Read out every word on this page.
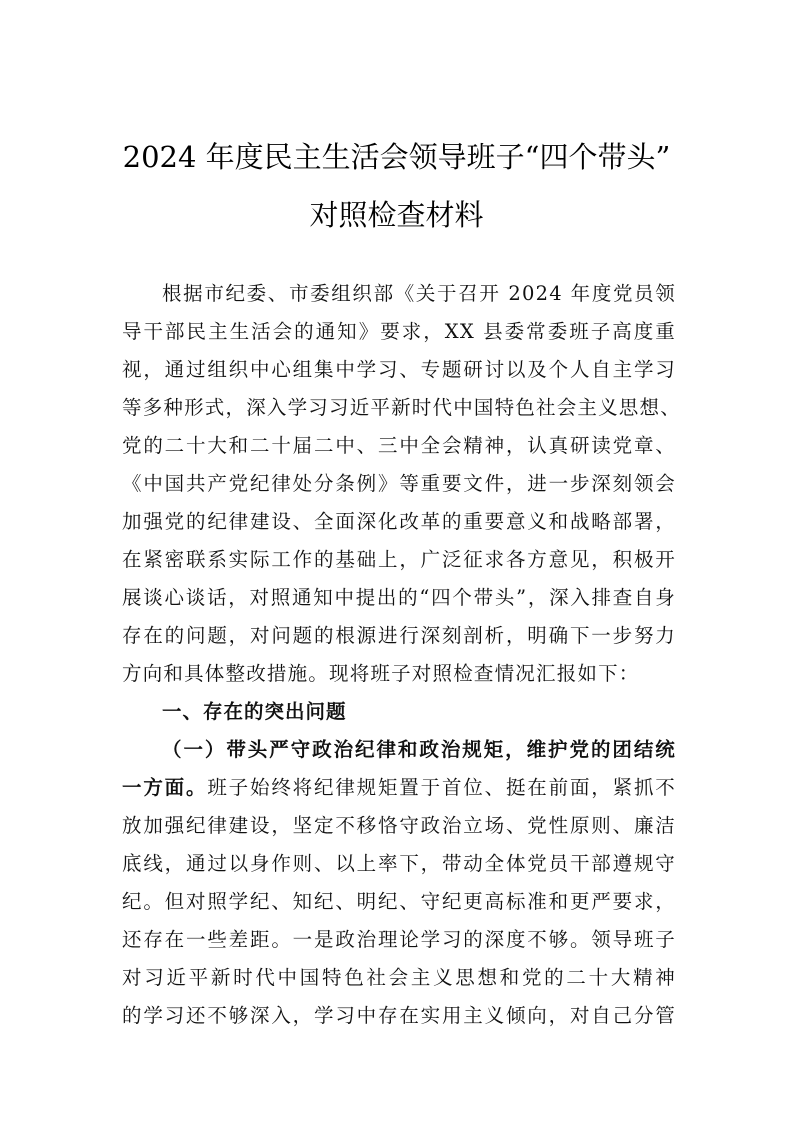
2024 年度民主生活会领导班子“四个带头”
对照检查材料
根据市纪委、市委组织部《关于召开 2024 年度党员领
导干部民主生活会的通知》要求，XX 县委常委班子高度重
视，通过组织中心组集中学习、专题研讨以及个人自主学习
等多种形式，深入学习习近平新时代中国特色社会主义思想、
党的二十大和二十届二中、三中全会精神，认真研读党章、
《中国共产党纪律处分条例》等重要文件，进一步深刻领会
加强党的纪律建设、全面深化改革的重要意义和战略部署，
在紧密联系实际工作的基础上，广泛征求各方意见，积极开
展谈心谈话，对照通知中提出的“四个带头”，深入排查自身
存在的问题，对问题的根源进行深刻剖析，明确下一步努力
方向和具体整改措施。现将班子对照检查情况汇报如下：
一、存在的突出问题
（一）带头严守政治纪律和政治规矩，维护党的团结统
一方面。班子始终将纪律规矩置于首位、挺在前面，紧抓不
放加强纪律建设，坚定不移恪守政治立场、党性原则、廉洁
底线，通过以身作则、以上率下，带动全体党员干部遵规守
纪。但对照学纪、知纪、明纪、守纪更高标准和更严要求，
还存在一些差距。一是政治理论学习的深度不够。领导班子
对习近平新时代中国特色社会主义思想和党的二十大精神
的学习还不够深入，学习中存在实用主义倾向，对自己分管
